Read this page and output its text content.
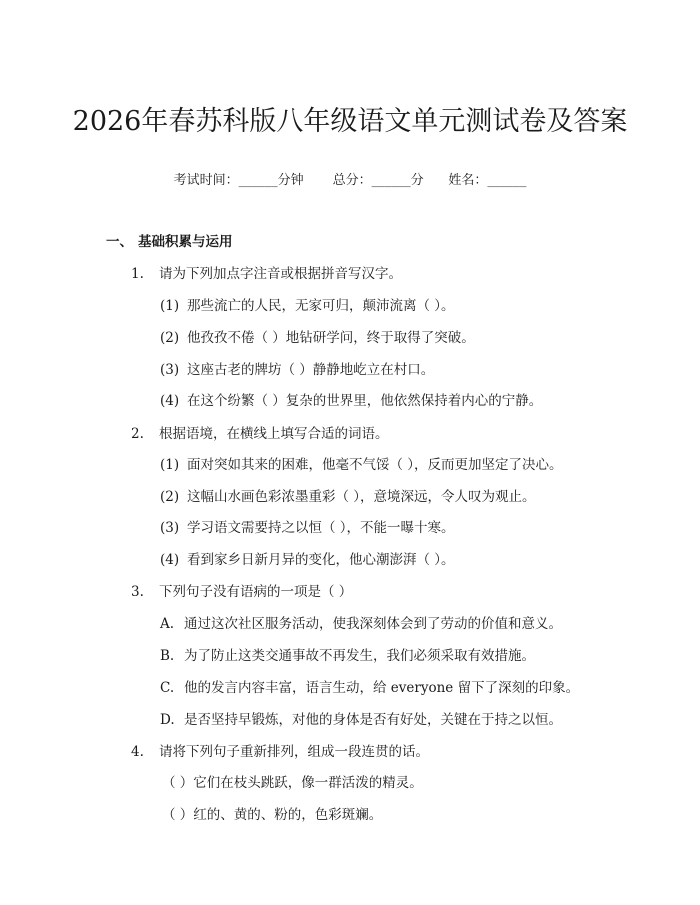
2026年春苏科版八年级语文单元测试卷及答案
考试时间：______分钟 总分：______分 姓名：______
一、 基础积累与运用
1. 请为下列加点字注音或根据拼音写汉字。
(1) 那些流亡的人民，无家可归，颠沛流离（ ）。
(2) 他孜孜不倦（ ）地钻研学问，终于取得了突破。
(3) 这座古老的牌坊（ ）静静地屹立在村口。
(4) 在这个纷繁（ ）复杂的世界里，他依然保持着内心的宁静。
2. 根据语境，在横线上填写合适的词语。
(1) 面对突如其来的困难，他毫不气馁（ ），反而更加坚定了决心。
(2) 这幅山水画色彩浓墨重彩（ ），意境深远，令人叹为观止。
(3) 学习语文需要持之以恒（ ），不能一曝十寒。
(4) 看到家乡日新月异的变化，他心潮澎湃（ ）。
3. 下列句子没有语病的一项是（ ）
A. 通过这次社区服务活动，使我深刻体会到了劳动的价值和意义。
B. 为了防止这类交通事故不再发生，我们必须采取有效措施。
C. 他的发言内容丰富，语言生动，给 everyone 留下了深刻的印象。
D. 是否坚持早锻炼，对他的身体是否有好处，关键在于持之以恒。
4. 请将下列句子重新排列，组成一段连贯的话。
（ ）它们在枝头跳跃，像一群活泼的精灵。
（ ）红的、黄的、粉的，色彩斑斓。
